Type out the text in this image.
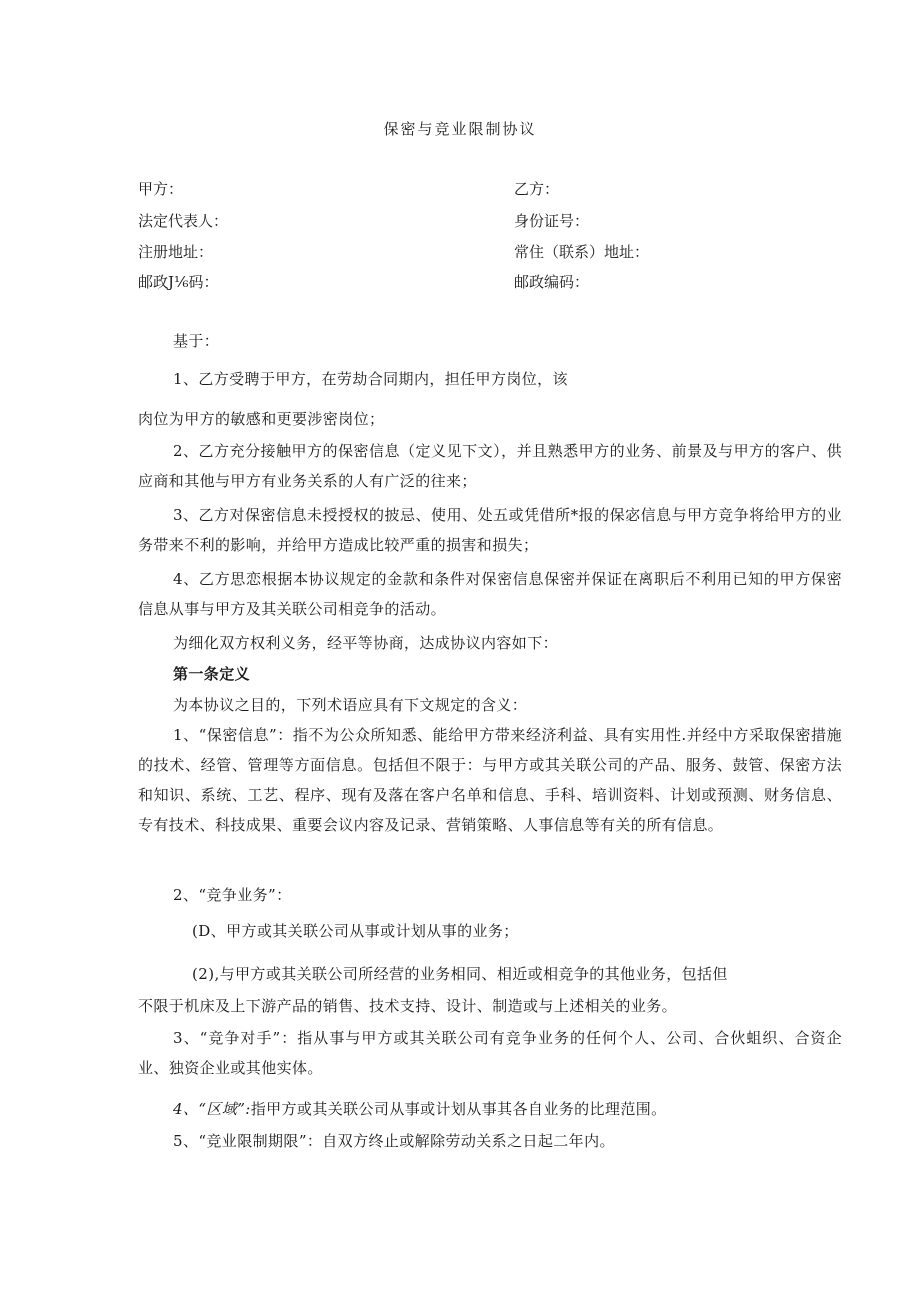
保密与竞业限制协议
甲方：	乙方：
法定代表人：	身份证号：
注册地址：	常住（联系）地址：
邮政J⅙码：	邮政编码：
基于：
1、乙方受聘于甲方，在劳劫合同期内，担任甲方岗位，该
肉位为甲方的敏感和更要涉密岗位；
2、乙方充分接触甲方的保密信息（定义见下文），并且熟悉甲方的业务、前景及与甲方的客户、供应商和其他与甲方有业务关系的人有广泛的往来；
3、乙方对保密信息未授授权的披忌、使用、处五或凭借所*报的保宓信息与甲方竞争将给甲方的业务带来不利的影响，并给甲方造成比较严重的损害和损失；
4、乙方思恋根据本协议规定的金款和条件对保密信息保密并保证在离职后不利用已知的甲方保密信息从事与甲方及其关联公司相竞争的活动。
为细化双方权利义务，经平等协商，达成协议内容如下：
第一条定义
为本协议之目的，下列术语应具有下文规定的含义：
1、“保密信息”：指不为公众所知悉、能给甲方带来经济利益、具有实用性.并经中方采取保密措施的技术、经管、管理等方面信息。包括但不限于：与甲方或其关联公司的产品、服务、鼓管、保密方法和知识、系统、工艺、程序、现有及落在客户名单和信息、手科、培训资料、计划或预测、财务信息、专有技术、科技成果、重要会议内容及记录、营销策略、人事信息等有关的所有信息。
2、“竞争业务”：
(D、甲方或其关联公司从事或计划从事的业务；
(2),与甲方或其关联公司所经营的业务相同、相近或相竞争的其他业务，包括但
不限于机床及上下游产品的销售、技术支持、设计、制造或与上述相关的业务。
3、“竞争对手”：指从事与甲方或其关联公司有竞争业务的任何个人、公司、合伙蛆织、合资企业、独资企业或其他实体。
4、“区域”:指甲方或其关联公司从事或计划从事其各自业务的比理范围。
5、“竞业限制期限”：自双方终止或解除劳动关系之日起二年内。
